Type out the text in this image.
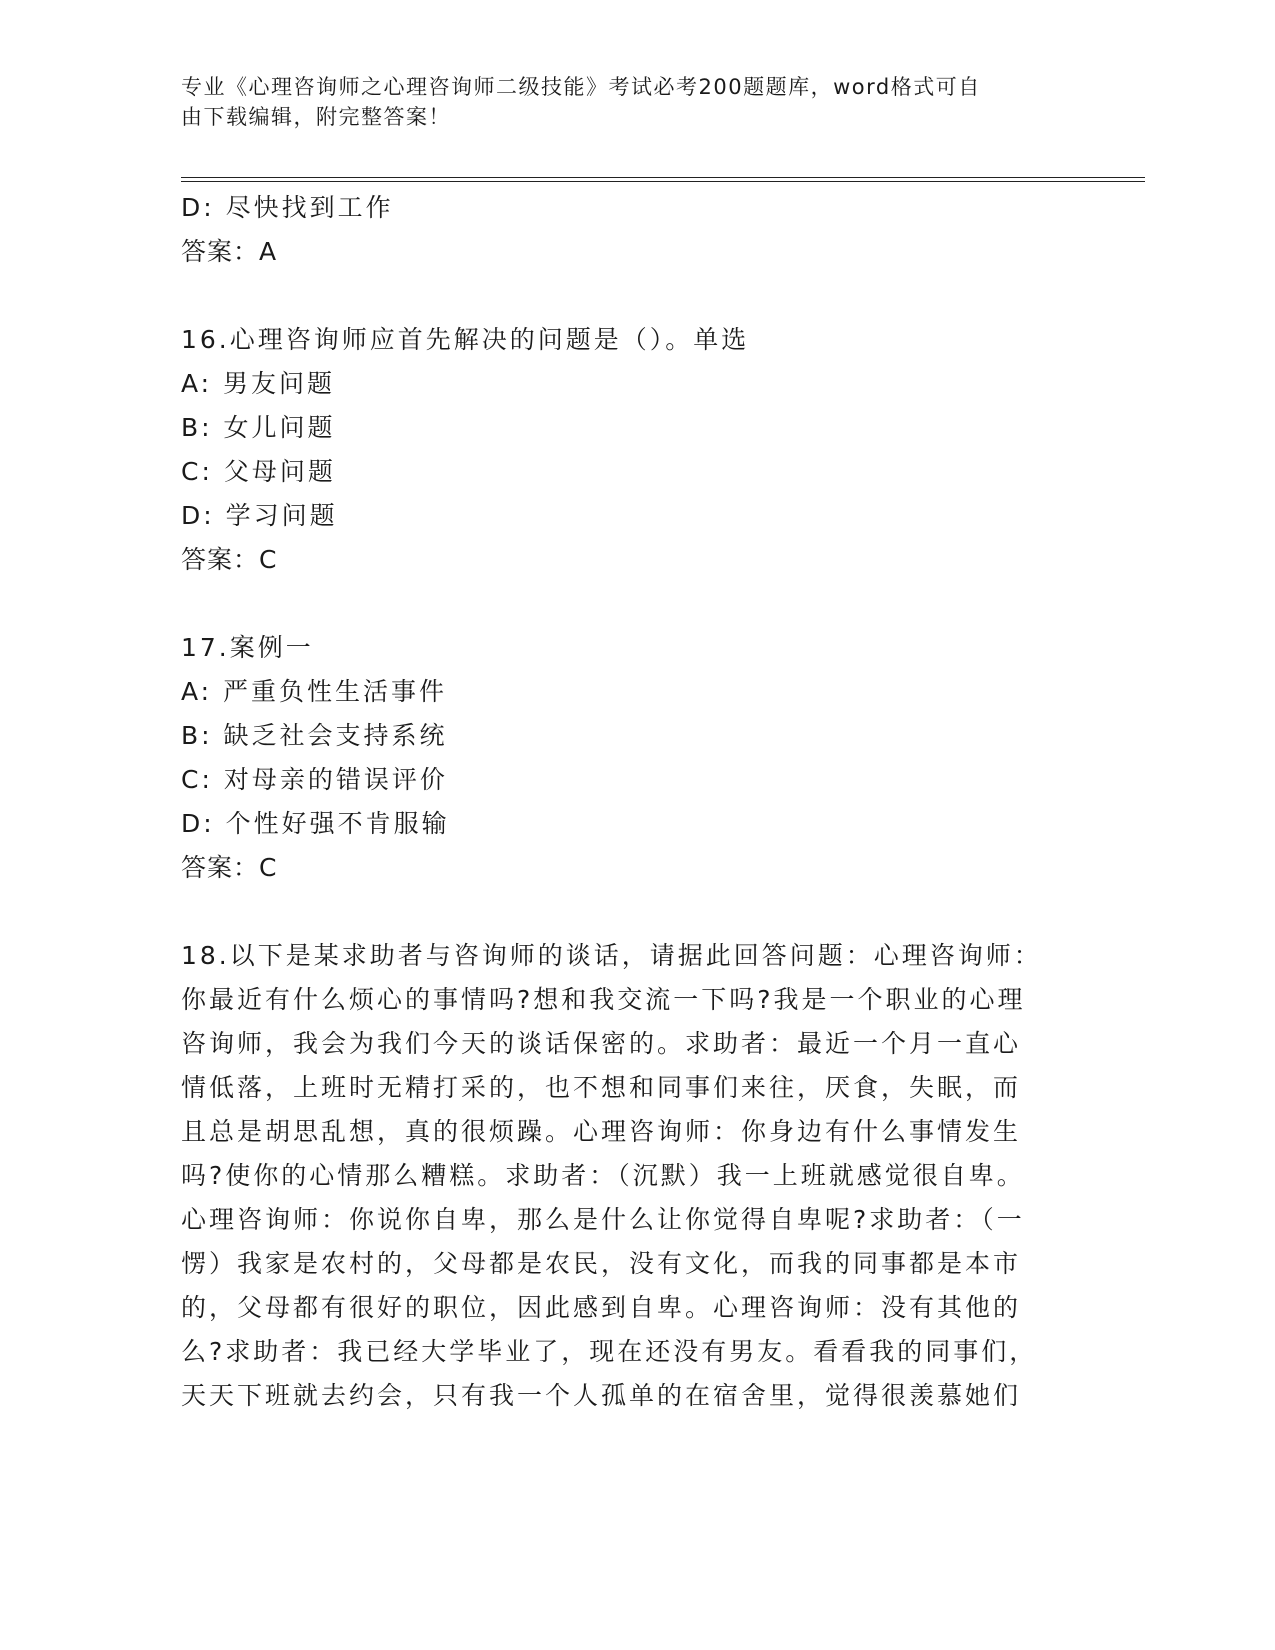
专业《心理咨询师之心理咨询师二级技能》考试必考200题题库，word格式可自
由下载编辑，附完整答案！

D: 尽快找到工作

答案：A

16.心理咨询师应首先解决的问题是（）。单选

A: 男友问题

B: 女儿问题

C: 父母问题

D: 学习问题

答案：C

17.案例一

A: 严重负性生活事件

B: 缺乏社会支持系统

C: 对母亲的错误评价

D: 个性好强不肯服输

答案：C

18.以下是某求助者与咨询师的谈话，请据此回答问题：心理咨询师：

你最近有什么烦心的事情吗?想和我交流一下吗?我是一个职业的心理

咨询师，我会为我们今天的谈话保密的。求助者：最近一个月一直心

情低落，上班时无精打采的，也不想和同事们来往，厌食，失眠，而

且总是胡思乱想，真的很烦躁。心理咨询师：你身边有什么事情发生

吗?使你的心情那么糟糕。求助者：（沉默）我一上班就感觉很自卑。

心理咨询师：你说你自卑，那么是什么让你觉得自卑呢?求助者：（一

愣）我家是农村的，父母都是农民，没有文化，而我的同事都是本市

的，父母都有很好的职位，因此感到自卑。心理咨询师：没有其他的

么?求助者：我已经大学毕业了，现在还没有男友。看看我的同事们，

天天下班就去约会，只有我一个人孤单的在宿舍里，觉得很羡慕她们
